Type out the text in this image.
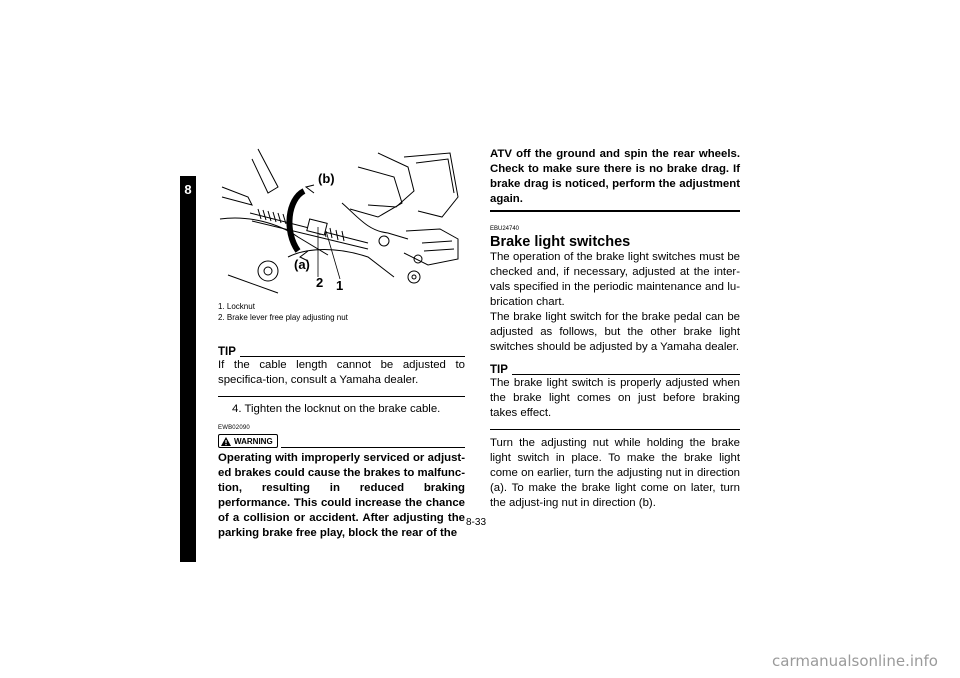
8
(b)
(a)
2 1
1. Locknut
2. Brake lever free play adjusting nut
TIP
If the cable length cannot be adjusted to specifica-tion, consult a Yamaha dealer.
4. Tighten the locknut on the brake cable.
EWB02090
WARNING
Operating with improperly serviced or adjust-ed brakes could cause the brakes to malfunc-tion, resulting in reduced braking performance. This could increase the chance of a collision or accident. After adjusting the parking brake free play, block the rear of the
ATV off the ground and spin the rear wheels. Check to make sure there is no brake drag. If brake drag is noticed, perform the adjustment again.
EBU24740
Brake light switches
The operation of the brake light switches must be checked and, if necessary, adjusted at the inter-vals specified in the periodic maintenance and lu-brication chart.
The brake light switch for the brake pedal can be adjusted as follows, but the other brake light switches should be adjusted by a Yamaha dealer.
TIP
The brake light switch is properly adjusted when the brake light comes on just before braking takes effect.
Turn the adjusting nut while holding the brake light switch in place. To make the brake light come on earlier, turn the adjusting nut in direction (a). To make the brake light come on later, turn the adjust-ing nut in direction (b).
8-33
carmanualsonline.info
